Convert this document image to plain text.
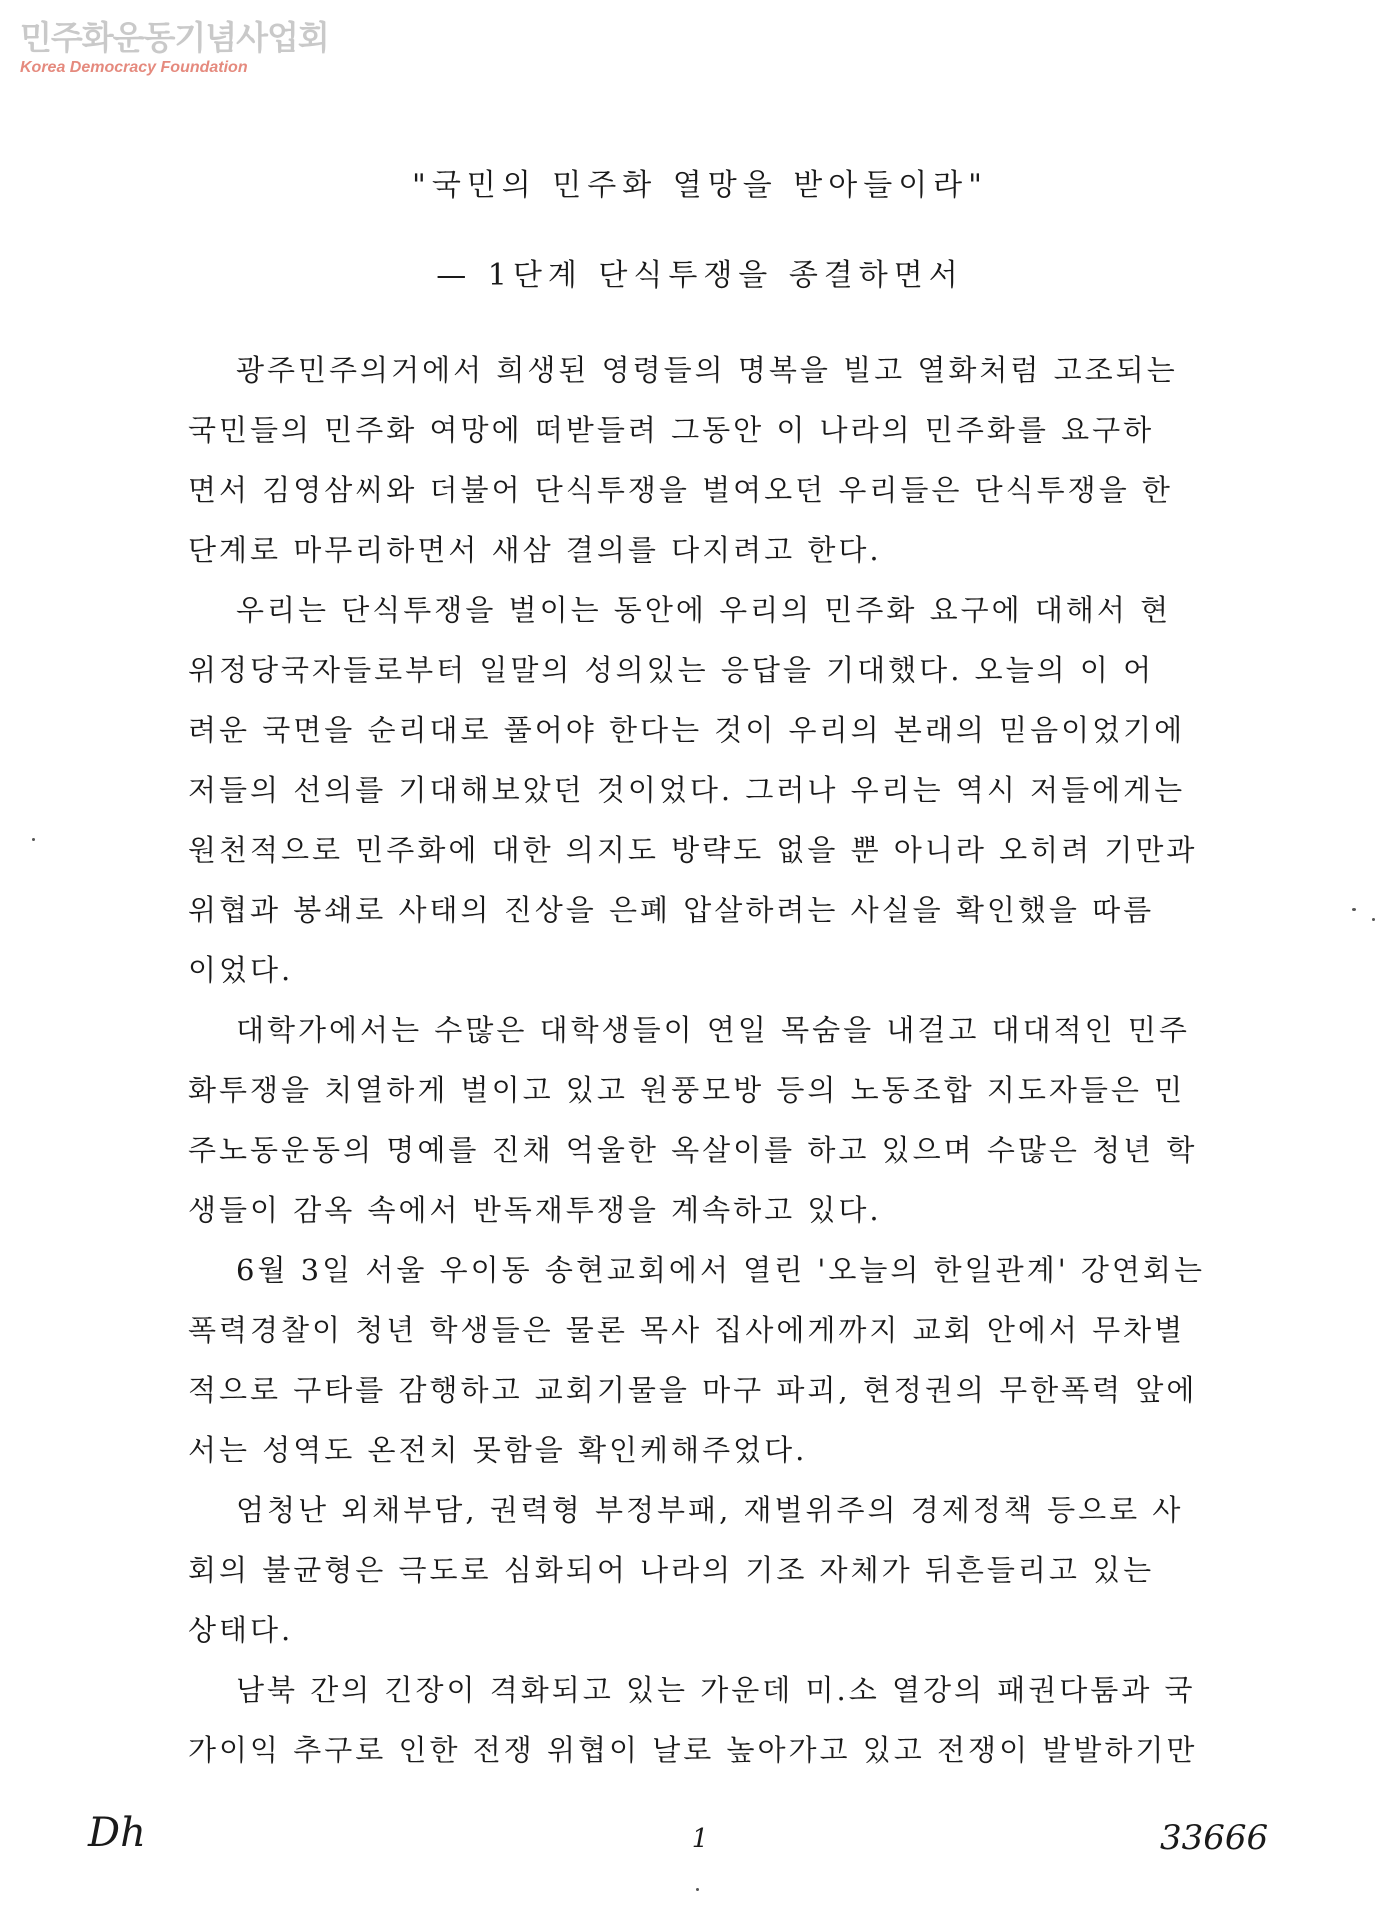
민주화운동기념사업회
Korea Democracy Foundation
"국민의 민주화 열망을 받아들이라"
— 1단계 단식투쟁을 종결하면서
광주민주의거에서 희생된 영령들의 명복을 빌고 열화처럼 고조되는
국민들의 민주화 여망에 떠받들려 그동안 이 나라의 민주화를 요구하
면서 김영삼씨와 더불어 단식투쟁을 벌여오던 우리들은 단식투쟁을 한
단계로 마무리하면서 새삼 결의를 다지려고 한다.
우리는 단식투쟁을 벌이는 동안에 우리의 민주화 요구에 대해서 현
위정당국자들로부터 일말의 성의있는 응답을 기대했다. 오늘의 이 어
려운 국면을 순리대로 풀어야 한다는 것이 우리의 본래의 믿음이었기에
저들의 선의를 기대해보았던 것이었다. 그러나 우리는 역시 저들에게는
원천적으로 민주화에 대한 의지도 방략도 없을 뿐 아니라 오히려 기만과
위협과 봉쇄로 사태의 진상을 은폐 압살하려는 사실을 확인했을 따름
이었다.
대학가에서는 수많은 대학생들이 연일 목숨을 내걸고 대대적인 민주
화투쟁을 치열하게 벌이고 있고 원풍모방 등의 노동조합 지도자들은 민
주노동운동의 명예를 진채 억울한 옥살이를 하고 있으며 수많은 청년 학
생들이 감옥 속에서 반독재투쟁을 계속하고 있다.
6월 3일 서울 우이동 송현교회에서 열린 '오늘의 한일관계' 강연회는
폭력경찰이 청년 학생들은 물론 목사 집사에게까지 교회 안에서 무차별
적으로 구타를 감행하고 교회기물을 마구 파괴, 현정권의 무한폭력 앞에
서는 성역도 온전치 못함을 확인케해주었다.
엄청난 외채부담, 권력형 부정부패, 재벌위주의 경제정책 등으로 사
회의 불균형은 극도로 심화되어 나라의 기조 자체가 뒤흔들리고 있는
상태다.
남북 간의 긴장이 격화되고 있는 가운데 미.소 열강의 패권다툼과 국
가이익 추구로 인한 전쟁 위협이 날로 높아가고 있고 전쟁이 발발하기만
Dh	1	33666
